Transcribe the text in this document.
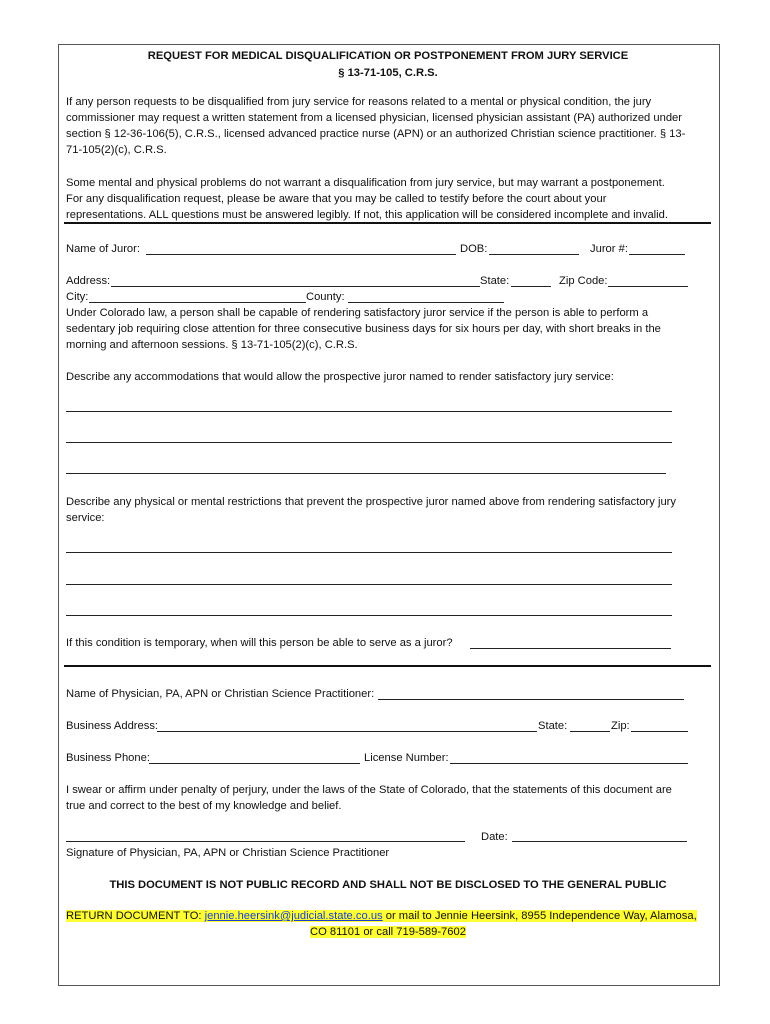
REQUEST FOR MEDICAL DISQUALIFICATION OR POSTPONEMENT FROM JURY SERVICE
§ 13-71-105, C.R.S.
If any person requests to be disqualified from jury service for reasons related to a mental or physical condition, the jury
commissioner may request a written statement from a licensed physician, licensed physician assistant (PA) authorized under
section § 12-36-106(5), C.R.S., licensed advanced practice nurse (APN) or an authorized Christian science practitioner. § 13-
71-105(2)(c), C.R.S.
Some mental and physical problems do not warrant a disqualification from jury service, but may warrant a postponement.
For any disqualification request, please be aware that you may be called to testify before the court about your
representations. ALL questions must be answered legibly. If not, this application will be considered incomplete and invalid.
Name of Juror:	DOB:	Juror #:
Address:	State:	Zip Code:
City:	County:
Under Colorado law, a person shall be capable of rendering satisfactory juror service if the person is able to perform a
sedentary job requiring close attention for three consecutive business days for six hours per day, with short breaks in the
morning and afternoon sessions. § 13-71-105(2)(c), C.R.S.
Describe any accommodations that would allow the prospective juror named to render satisfactory jury service:
Describe any physical or mental restrictions that prevent the prospective juror named above from rendering satisfactory jury
service:
If this condition is temporary, when will this person be able to serve as a juror?
Name of Physician, PA, APN or Christian Science Practitioner:
Business Address:	State:	Zip:
Business Phone:	License Number:
I swear or affirm under penalty of perjury, under the laws of the State of Colorado, that the statements of this document are
true and correct to the best of my knowledge and belief.
Date:
Signature of Physician, PA, APN or Christian Science Practitioner
THIS DOCUMENT IS NOT PUBLIC RECORD AND SHALL NOT BE DISCLOSED TO THE GENERAL PUBLIC
RETURN DOCUMENT TO: jennie.heersink@judicial.state.co.us or mail to Jennie Heersink, 8955 Independence Way, Alamosa,
CO 81101 or call 719-589-7602
